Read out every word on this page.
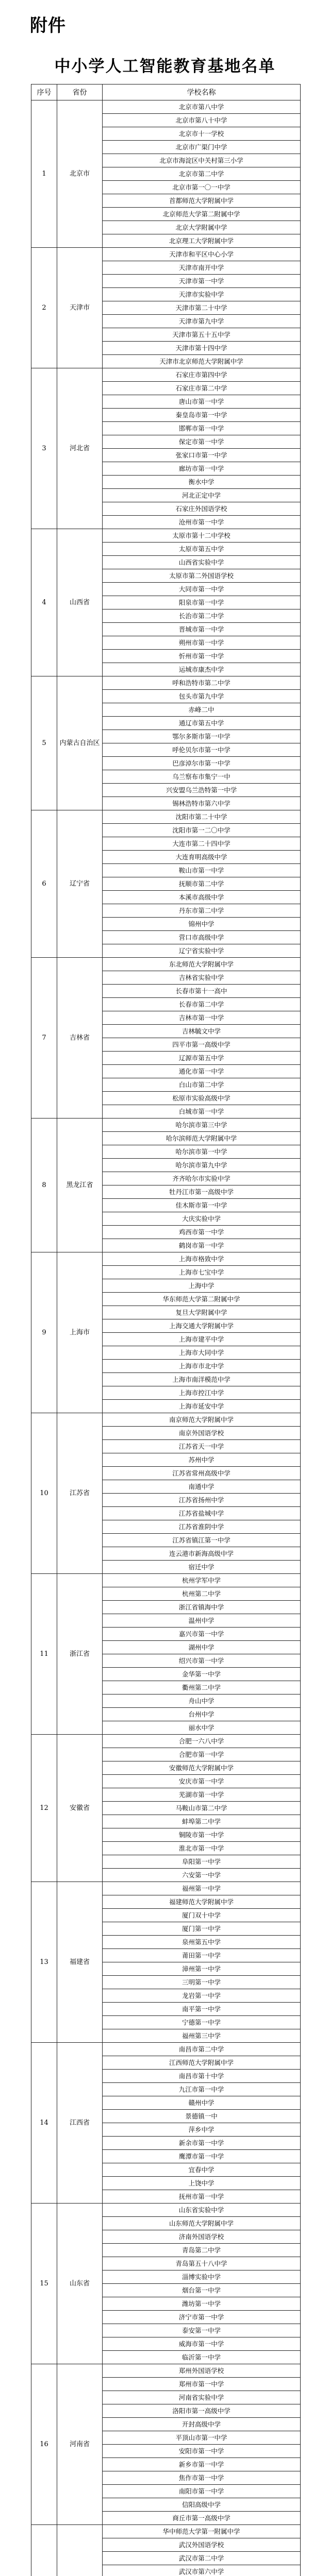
附件
中小学人工智能教育基地名单
序号	省份	学校名称
1	北京市	北京市第八中学
		北京市第八十中学
		北京市十一学校
		北京市广渠门中学
		北京市海淀区中关村第三小学
		北京市第二中学
		北京市第一〇一中学
		首都师范大学附属中学
		北京师范大学第二附属中学
		北京大学附属中学
		北京理工大学附属中学
2	天津市	天津市和平区中心小学
		天津市南开中学
		天津市第一中学
		天津市实验中学
		天津市第二十中学
		天津市第九中学
		天津市第五十五中学
		天津市第十四中学
		天津市北京师范大学附属中学
3	河北省	石家庄市第四中学
		石家庄市第二中学
		唐山市第一中学
		秦皇岛市第一中学
		邯郸市第一中学
		保定市第一中学
		张家口市第一中学
		廊坊市第一中学
		衡水中学
		河北正定中学
		石家庄外国语学校
		沧州市第一中学
4	山西省	太原市第十二中学校
		太原市第五中学
		山西省实验中学
		太原市第二外国语学校
		大同市第一中学
		阳泉市第一中学
		长治市第二中学
		晋城市第一中学
		朔州市第一中学
		忻州市第一中学
		运城市康杰中学
5	内蒙古自治区	呼和浩特市第二中学
		包头市第九中学
		赤峰二中
		通辽市第五中学
		鄂尔多斯市第一中学
		呼伦贝尔市第一中学
		巴彦淖尔市第一中学
		乌兰察布市集宁一中
		兴安盟乌兰浩特第一中学
		锡林浩特市第六中学
6	辽宁省	沈阳市第二十中学
		沈阳市第一二〇中学
		大连市第二十四中学
		大连育明高级中学
		鞍山市第一中学
		抚顺市第二中学
		本溪市高级中学
		丹东市第二中学
		锦州中学
		营口市高级中学
		辽宁省实验中学
7	吉林省	东北师范大学附属中学
		吉林省实验中学
		长春市第十一高中
		长春市第二中学
		吉林市第一中学
		吉林毓文中学
		四平市第一高级中学
		辽源市第五中学
		通化市第一中学
		白山市第二中学
		松原市实验高级中学
		白城市第一中学
8	黑龙江省	哈尔滨市第三中学
		哈尔滨师范大学附属中学
		哈尔滨市第一中学
		哈尔滨市第九中学
		齐齐哈尔市实验中学
		牡丹江市第一高级中学
		佳木斯市第一中学
		大庆实验中学
		鸡西市第一中学
		鹤岗市第一中学
9	上海市	上海市格致中学
		上海市七宝中学
		上海中学
		华东师范大学第二附属中学
		复旦大学附属中学
		上海交通大学附属中学
		上海市建平中学
		上海市大同中学
		上海市市北中学
		上海市南洋模范中学
		上海市控江中学
		上海市延安中学
10	江苏省	南京师范大学附属中学
		南京外国语学校
		江苏省天一中学
		苏州中学
		江苏省常州高级中学
		南通中学
		江苏省扬州中学
		江苏省盐城中学
		江苏省淮阴中学
		江苏省镇江第一中学
		连云港市新海高级中学
		宿迁中学
11	浙江省	杭州学军中学
		杭州第二中学
		浙江省镇海中学
		温州中学
		嘉兴市第一中学
		湖州中学
		绍兴市第一中学
		金华第一中学
		衢州第二中学
		舟山中学
		台州中学
		丽水中学
12	安徽省	合肥一六八中学
		合肥市第一中学
		安徽师范大学附属中学
		安庆市第一中学
		芜湖市第一中学
		马鞍山市第二中学
		蚌埠第二中学
		铜陵市第一中学
		淮北市第一中学
		阜阳第一中学
		六安第一中学
13	福建省	福州第一中学
		福建师范大学附属中学
		厦门双十中学
		厦门第一中学
		泉州第五中学
		莆田第一中学
		漳州第一中学
		三明第一中学
		龙岩第一中学
		南平第一中学
		宁德第一中学
		福州第三中学
14	江西省	南昌市第二中学
		江西师范大学附属中学
		南昌市第十中学
		九江市第一中学
		赣州中学
		景德镇一中
		萍乡中学
		新余市第一中学
		鹰潭市第一中学
		宜春中学
		上饶中学
		抚州市第一中学
15	山东省	山东省实验中学
		山东师范大学附属中学
		济南外国语学校
		青岛第二中学
		青岛第五十八中学
		淄博实验中学
		烟台第一中学
		潍坊第一中学
		济宁市第一中学
		泰安第一中学
		威海市第一中学
		临沂第一中学
16	河南省	郑州外国语学校
		郑州市第一中学
		河南省实验中学
		洛阳市第一高级中学
		开封高级中学
		平顶山市第一中学
		安阳市第一中学
		新乡市第一中学
		焦作市第一中学
		南阳市第一中学
		信阳高级中学
		商丘市第一高级中学
		华中师范大学第一附属中学
		武汉外国语学校
		武汉市第二中学
		武汉市第六中学
